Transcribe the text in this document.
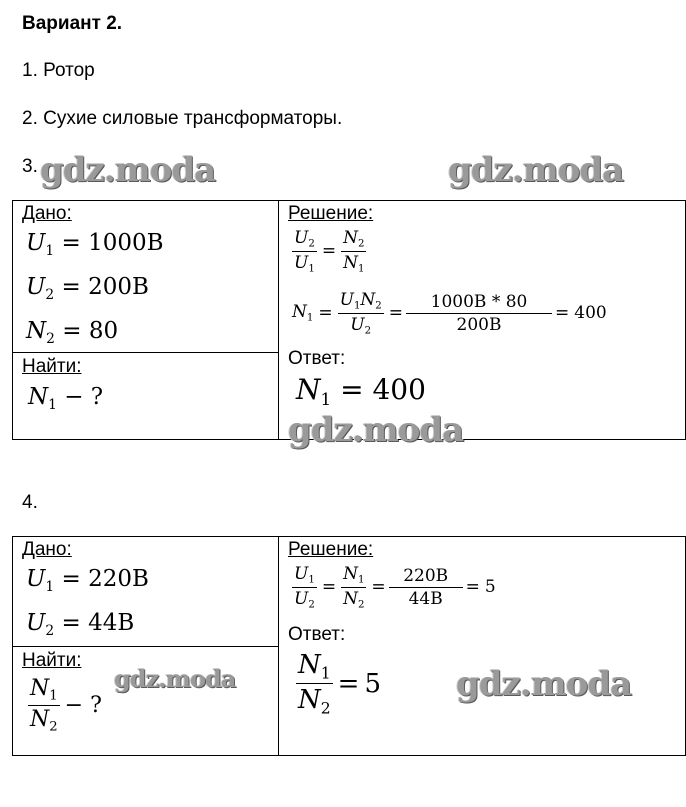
Вариант 2.
1. Ротор
2. Сухие силовые трансформаторы.
3. gdz.moda	gdz.moda
Дано:
$U_1 = 1000B$
$U_2 = 200B$
$N_2 = 80$
Найти:
$N_1$ − ?
Решение:
$\frac{U_2}{U_1} = \frac{N_2}{N_1}$
$N_1 = \frac{U_1N_2}{U_2} = \frac{1000B * 80}{200B} = 400$
Ответ:
$N_1 = 400$
gdz.moda
4.
Дано:
$U_1 = 220B$
$U_2 = 44B$
Найти:
$\frac{N_1}{N_2}$ − ?
gdz.moda
Решение:
$\frac{U_1}{U_2} = \frac{N_1}{N_2} = \frac{220B}{44B} = 5$
Ответ:
$\frac{N_1}{N_2} = 5$ gdz.moda
